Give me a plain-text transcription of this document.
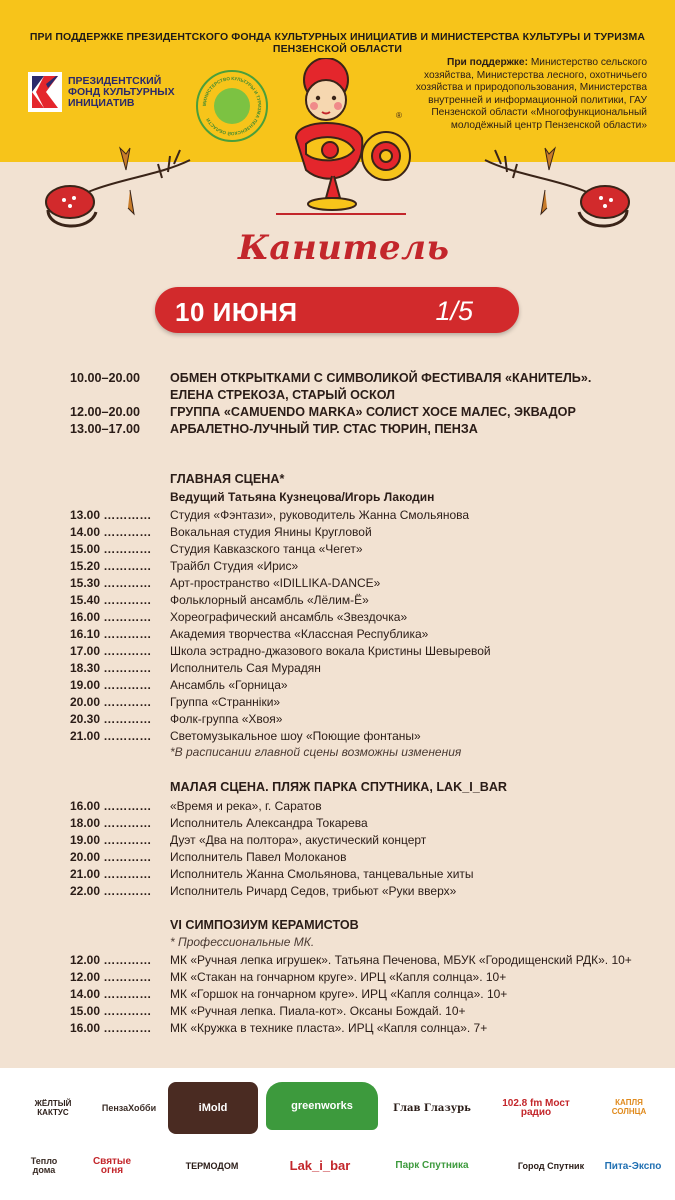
ПРИ ПОДДЕРЖКЕ ПРЕЗИДЕНТСКОГО ФОНДА КУЛЬТУРНЫХ ИНИЦИАТИВ И МИНИСТЕРСТВА КУЛЬТУРЫ И ТУРИЗМА ПЕНЗЕНСКОЙ ОБЛАСТИ
ПРЕЗИДЕНТСКИЙ
ФОНД КУЛЬТУРНЫХ
ИНИЦИАТИВ	МИНИСТЕРСТВО КУЛЬТУРЫ И ТУРИЗМА ПЕНЗЕНСКОЙ ОБЛАСТИ
При поддержке: Министерство сельского хозяйства, Министерства лесного, охотничьего хозяйства и природопользования, Министерства внутренней и информационной политики, ГАУ Пензенской области «Многофункциональный молодёжный центр Пензенской области»
®
Канитель
10 ИЮНЯ	1/5
10.00–20.00 ОБМЕН ОТКРЫТКАМИ С СИМВОЛИКОЙ ФЕСТИВАЛЯ «КАНИТЕЛЬ».
ЕЛЕНА СТРЕКОЗА, СТАРЫЙ ОСКОЛ
12.00–20.00 ГРУППА «CAMUENDO MARKA» СОЛИСТ ХОСЕ МАЛЕС, ЭКВАДОР
13.00–17.00 АРБАЛЕТНО-ЛУЧНЫЙ ТИР. СТАС ТЮРИН, ПЕНЗА
ГЛАВНАЯ СЦЕНА*
Ведущий Татьяна Кузнецова/Игорь Лакодин
13.00 ………… Студия «Фэнтази», руководитель Жанна Смольянова
14.00 ………… Вокальная студия Янины Кругловой
15.00 ………… Студия Кавказского танца «Чегет»
15.20 ………… Трайбл Студия «Ирис»
15.30 ………… Арт-пространство «IDILLIKA-DANCE»
15.40 ………… Фольклорный ансамбль «Лёлим-Ё»
16.00 ………… Хореографический ансамбль «Звездочка»
16.10 ………… Академия творчества «Классная Республика»
17.00 ………… Школа эстрадно-джазового вокала Кристины Шевыревой
18.30 ………… Исполнитель Сая Мурадян
19.00 ………… Ансамбль «Горница»
20.00 ………… Группа «Странніки»
20.30 ………… Фолк-группа «Хвоя»
21.00 ………… Светомузыкальное шоу «Поющие фонтаны»
*В расписании главной сцены возможны изменения
МАЛАЯ СЦЕНА. ПЛЯЖ ПАРКА СПУТНИКА, LAK_I_BAR
16.00 ………… «Время и река», г. Саратов
18.00 ………… Исполнитель Александра Токарева
19.00 ………… Дуэт «Два на полтора», акустический концерт
20.00 ………… Исполнитель Павел Молоканов
21.00 ………… Исполнитель Жанна Смольянова, танцевальные хиты
22.00 ………… Исполнитель Ричард Седов, трибьют «Руки вверх»
VI СИМПОЗИУМ КЕРАМИСТОВ
* Профессиональные МК.
12.00 ………… МК «Ручная лепка игрушек». Татьяна Печенова, МБУК «Городищенский РДК». 10+
12.00 ………… МК «Стакан на гончарном круге». ИРЦ «Капля солнца». 10+
14.00 ………… МК «Горшок на гончарном круге». ИРЦ «Капля солнца». 10+
15.00 ………… МК «Ручная лепка. Пиала-кот». Оксаны Бождай. 10+
16.00 ………… МК «Кружка в технике пласта». ИРЦ «Капля солнца». 7+
ЖЁЛТЫЙ КАКТУС	ПензаХобби	iMold	greenworks	Глав Глазурь	102.8 fm Мост радио
КАПЛЯ СОЛНЦА
Тепло дома
Святые огня	ТЕРМОДОМ	Lak_i_bar	Парк Спутника	Город Спутник	Пита-Экспо
